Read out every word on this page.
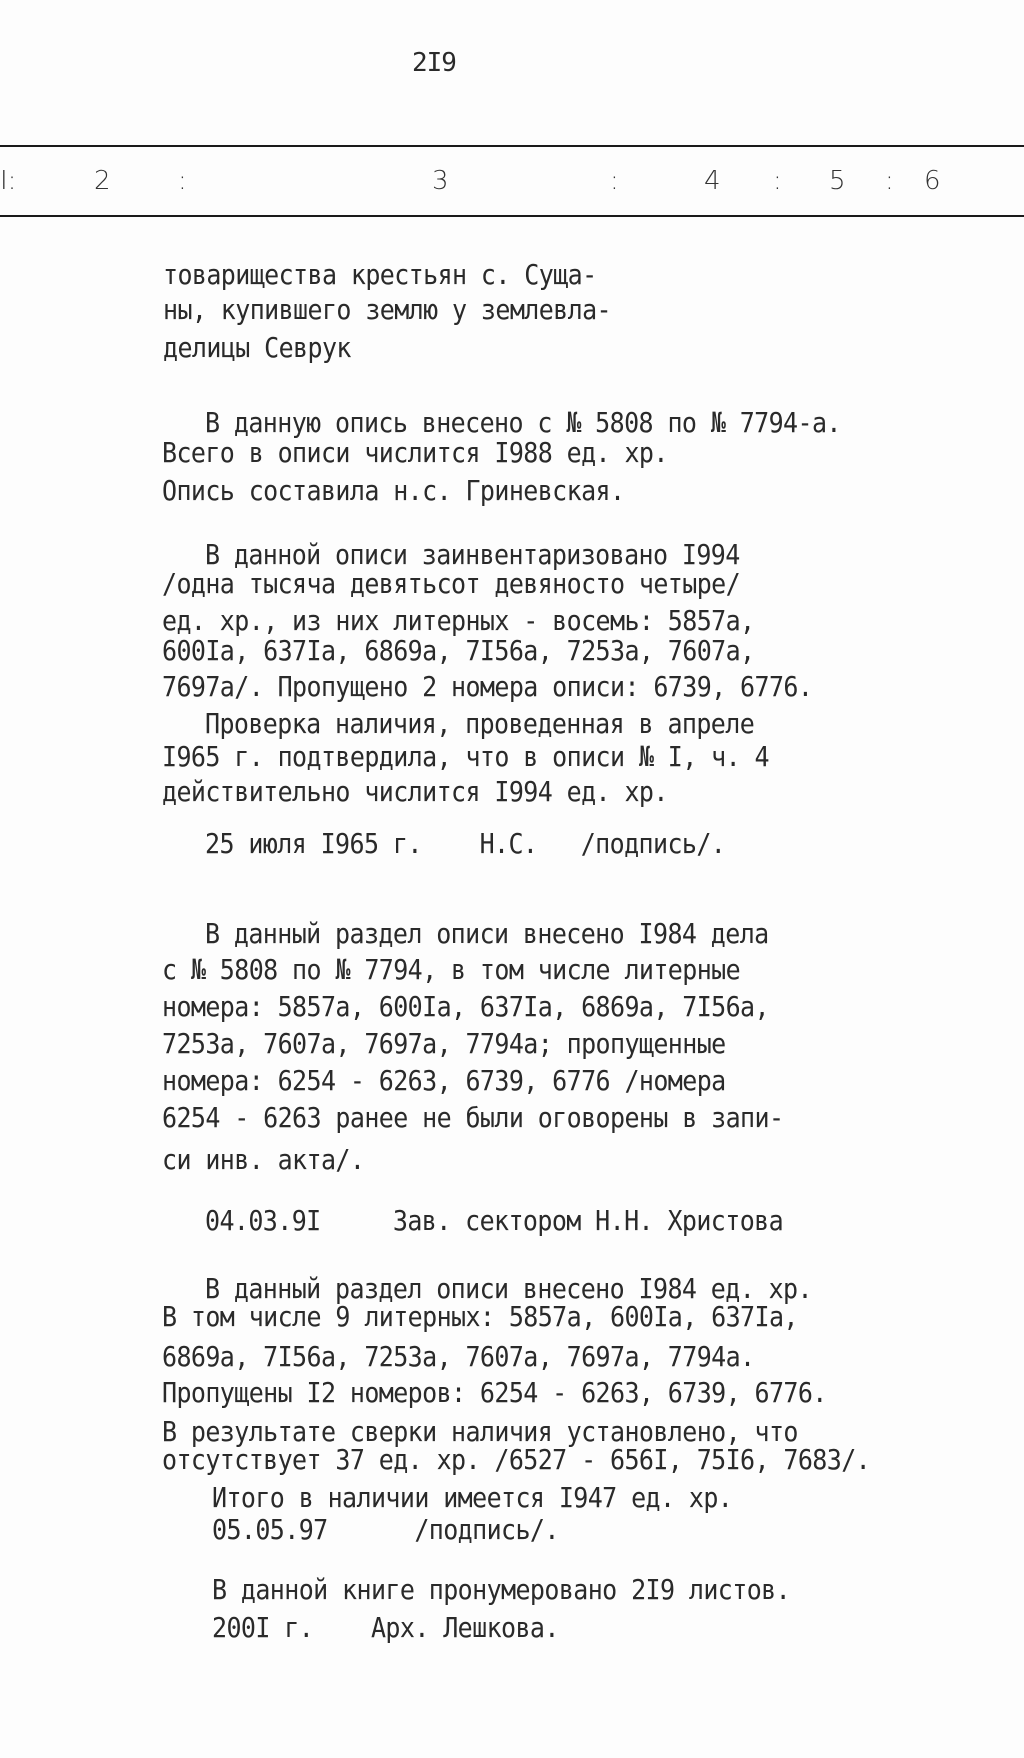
2I9
I:	2	:	3	:	4 : 5 : 6
товарищества крестьян с. Суща-
ны, купившего землю у землевла-
делицы Севрук
В данную опись внесено с № 5808 по № 7794-а.
Всего в описи числится I988 ед. хр.
Опись составила н.с. Гриневская.
В данной описи заинвентаризовано I994
/одна тысяча девятьсот девяносто четыре/
ед. хр., из них литерных - восемь: 5857а,
600Iа, 637Iа, 6869а, 7I56а, 7253а, 7607а,
7697а/. Пропущено 2 номера описи: 6739, 6776.
Проверка наличия, проведенная в апреле
I965 г. подтвердила, что в описи № I, ч. 4
действительно числится I994 ед. хр.
25 июля I965 г.    Н.С.   /подпись/.
В данный раздел описи внесено I984 дела
с № 5808 по № 7794, в том числе литерные
номера: 5857а, 600Iа, 637Iа, 6869а, 7I56а,
7253а, 7607а, 7697а, 7794а; пропущенные
номера: 6254 - 6263, 6739, 6776 /номера
6254 - 6263 ранее не были оговорены в запи-
си инв. акта/.
04.03.9I     Зав. сектором Н.Н. Христова
В данный раздел описи внесено I984 ед. хр.
В том числе 9 литерных: 5857а, 600Iа, 637Iа,
6869а, 7I56а, 7253а, 7607а, 7697а, 7794а.
Пропущены I2 номеров: 6254 - 6263, 6739, 6776.
В результате сверки наличия установлено, что
отсутствует 37 ед. хр. /6527 - 656I, 75I6, 7683/.
Итого в наличии имеется I947 ед. хр.
05.05.97      /подпись/.
В данной книге пронумеровано 2I9 листов.
200I г.    Арх. Лешкова.
